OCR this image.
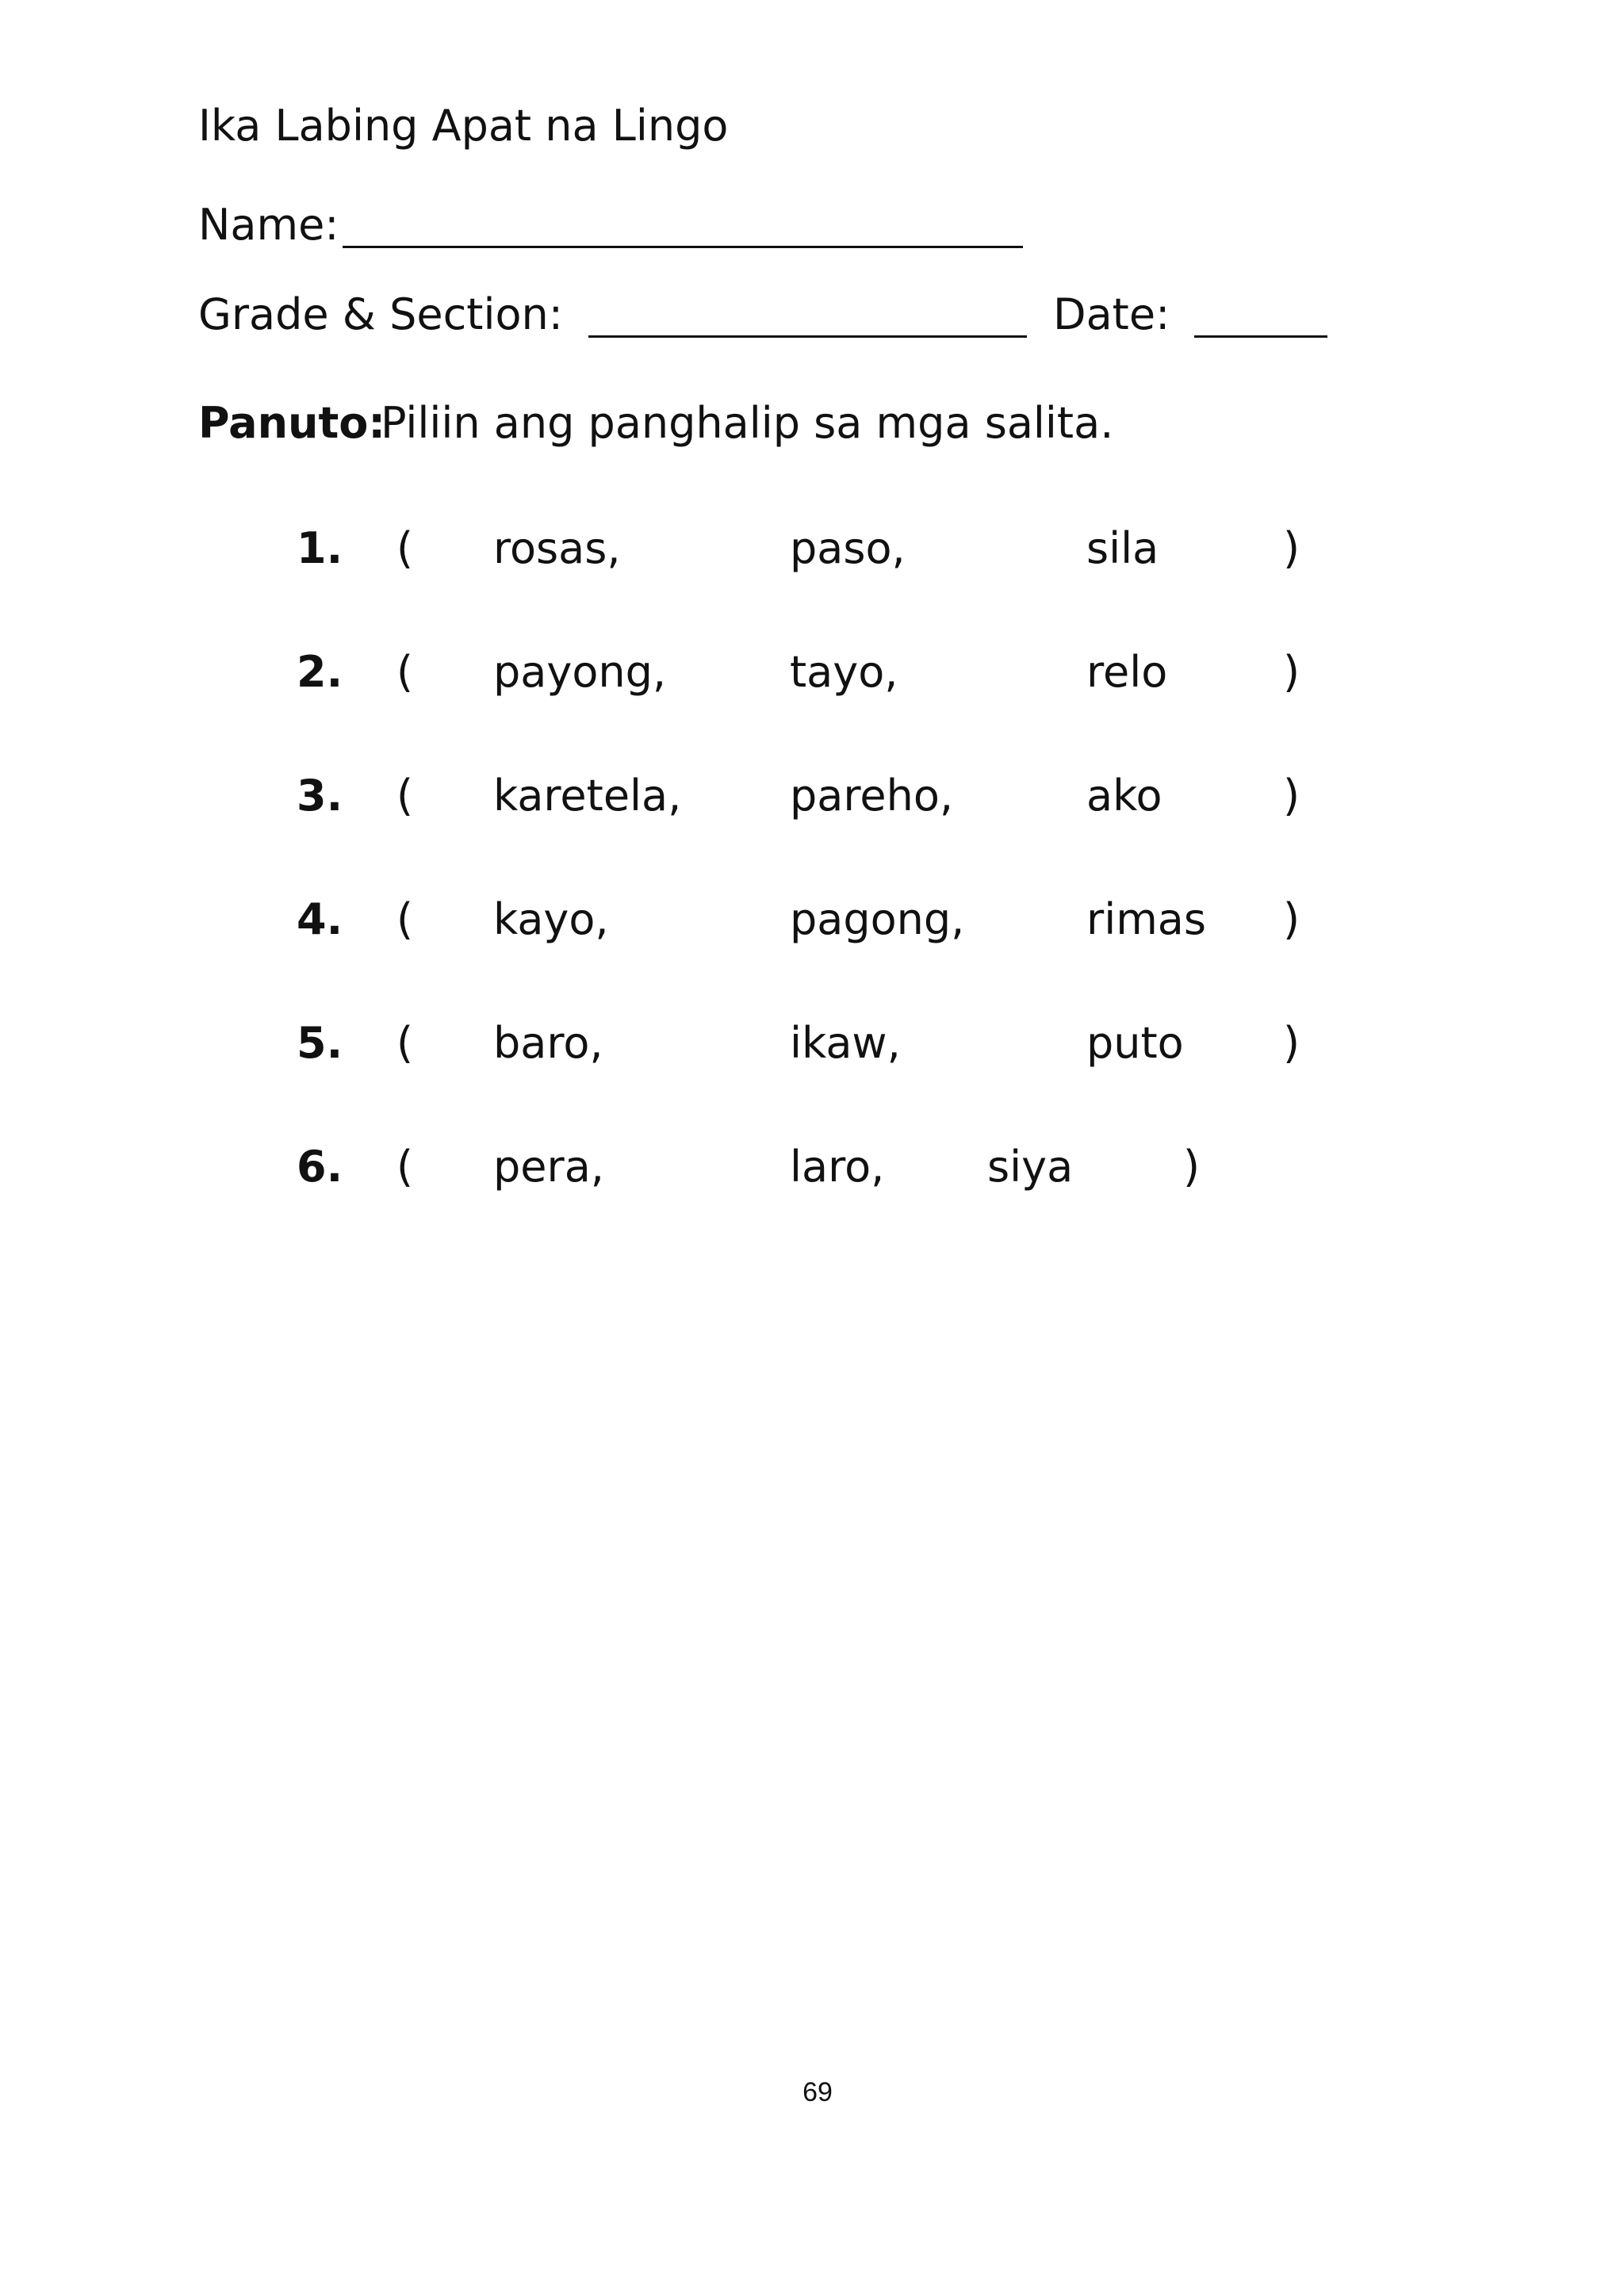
Ika Labing Apat na Lingo
Name:
Grade & Section:	Date:
Panuto:
Piliin ang panghalip sa mga salita.
1. ( rosas,	paso,	sila	)
2. ( payong,	tayo,	relo	)
3. ( karetela,	pareho,	ako	)
4. ( kayo,	pagong,	rimas )
5. ( baro,	ikaw,	puto )
6. ( pera,	laro, siya	)
69
